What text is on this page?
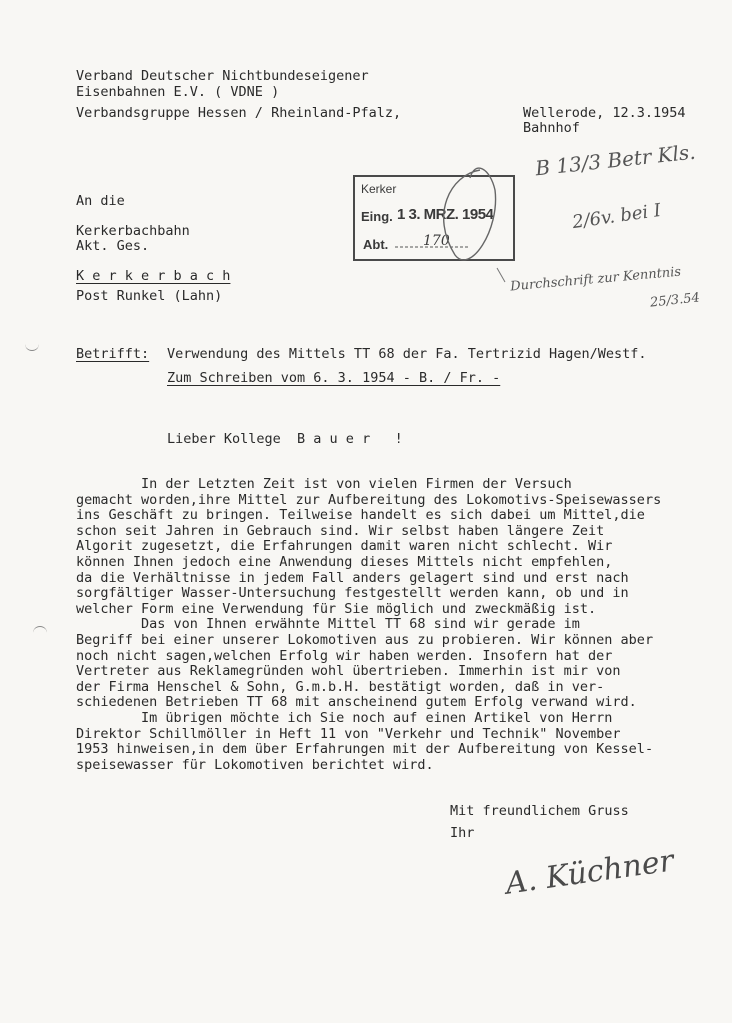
Verband Deutscher Nichtbundeseigener
Eisenbahnen E.V. ( VDNE )
Verbandsgruppe Hessen / Rheinland-Pfalz,	Wellerode, 12.3.1954
Bahnhof
Kerker
Eing. 1 3. MRZ. 1954
Abt. 170
B 13/3 Betr Kls.
2/6v. bei I
Durchschrift zur Kenntnis
25/3.54
An die
Kerkerbachbahn
Akt. Ges.
K e r k e r b a c h
Post Runkel (Lahn)
Betrifft: Verwendung des Mittels TT 68 der Fa. Tertrizid Hagen/Westf.
Zum Schreiben vom 6. 3. 1954 - B. / Fr. -
Lieber Kollege  B a u e r   !
In der Letzten Zeit ist von vielen Firmen der Versuch
gemacht worden,ihre Mittel zur Aufbereitung des Lokomotivs-Speisewassers
ins Geschäft zu bringen. Teilweise handelt es sich dabei um Mittel,die
schon seit Jahren in Gebrauch sind. Wir selbst haben längere Zeit
Algorit zugesetzt, die Erfahrungen damit waren nicht schlecht. Wir
können Ihnen jedoch eine Anwendung dieses Mittels nicht empfehlen,
da die Verhältnisse in jedem Fall anders gelagert sind und erst nach
sorgfältiger Wasser-Untersuchung festgestellt werden kann, ob und in
welcher Form eine Verwendung für Sie möglich und zweckmäßig ist.
Das von Ihnen erwähnte Mittel TT 68 sind wir gerade im
Begriff bei einer unserer Lokomotiven aus zu probieren. Wir können aber
noch nicht sagen,welchen Erfolg wir haben werden. Insofern hat der
Vertreter aus Reklamegründen wohl übertrieben. Immerhin ist mir von
der Firma Henschel & Sohn, G.m.b.H. bestätigt worden, daß in ver-
schiedenen Betrieben TT 68 mit anscheinend gutem Erfolg verwand wird.
Im übrigen möchte ich Sie noch auf einen Artikel von Herrn
Direktor Schillmöller in Heft 11 von "Verkehr und Technik" November
1953 hinweisen,in dem über Erfahrungen mit der Aufbereitung von Kessel-
speisewasser für Lokomotiven berichtet wird.
Mit freundlichem Gruss
Ihr
A. Küchner
